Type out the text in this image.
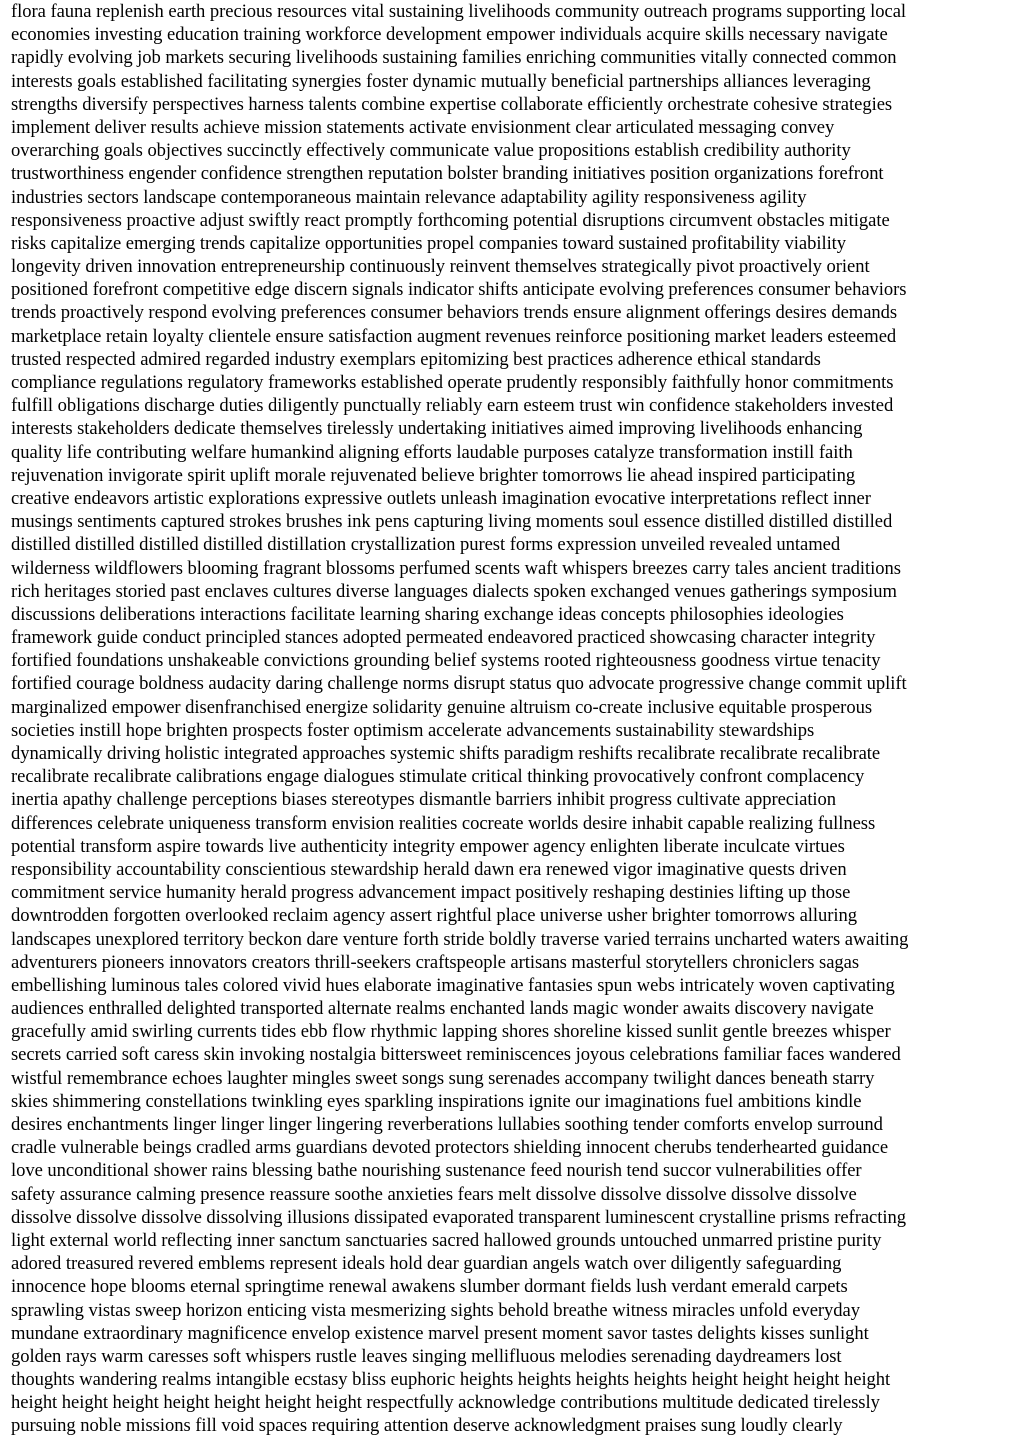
flora fauna replenish earth precious resources vital sustaining livelihoods community outreach programs supporting local
economies investing education training workforce development empower individuals acquire skills necessary navigate
rapidly evolving job markets securing livelihoods sustaining families enriching communities vitally connected common
interests goals established facilitating synergies foster dynamic mutually beneficial partnerships alliances leveraging
strengths diversify perspectives harness talents combine expertise collaborate efficiently orchestrate cohesive strategies
implement deliver results achieve mission statements activate envisionment clear articulated messaging convey
overarching goals objectives succinctly effectively communicate value propositions establish credibility authority
trustworthiness engender confidence strengthen reputation bolster branding initiatives position organizations forefront
industries sectors landscape contemporaneous maintain relevance adaptability agility responsiveness agility
responsiveness proactive adjust swiftly react promptly forthcoming potential disruptions circumvent obstacles mitigate
risks capitalize emerging trends capitalize opportunities propel companies toward sustained profitability viability
longevity driven innovation entrepreneurship continuously reinvent themselves strategically pivot proactively orient
positioned forefront competitive edge discern signals indicator shifts anticipate evolving preferences consumer behaviors
trends proactively respond evolving preferences consumer behaviors trends ensure alignment offerings desires demands
marketplace retain loyalty clientele ensure satisfaction augment revenues reinforce positioning market leaders esteemed
trusted respected admired regarded industry exemplars epitomizing best practices adherence ethical standards
compliance regulations regulatory frameworks established operate prudently responsibly faithfully honor commitments
fulfill obligations discharge duties diligently punctually reliably earn esteem trust win confidence stakeholders invested
interests stakeholders dedicate themselves tirelessly undertaking initiatives aimed improving livelihoods enhancing
quality life contributing welfare humankind aligning efforts laudable purposes catalyze transformation instill faith
rejuvenation invigorate spirit uplift morale rejuvenated believe brighter tomorrows lie ahead inspired participating
creative endeavors artistic explorations expressive outlets unleash imagination evocative interpretations reflect inner
musings sentiments captured strokes brushes ink pens capturing living moments soul essence distilled distilled distilled
distilled distilled distilled distilled distillation crystallization purest forms expression unveiled revealed untamed
wilderness wildflowers blooming fragrant blossoms perfumed scents waft whispers breezes carry tales ancient traditions
rich heritages storied past enclaves cultures diverse languages dialects spoken exchanged venues gatherings symposium
discussions deliberations interactions facilitate learning sharing exchange ideas concepts philosophies ideologies
framework guide conduct principled stances adopted permeated endeavored practiced showcasing character integrity
fortified foundations unshakeable convictions grounding belief systems rooted righteousness goodness virtue tenacity
fortified courage boldness audacity daring challenge norms disrupt status quo advocate progressive change commit uplift
marginalized empower disenfranchised energize solidarity genuine altruism co-create inclusive equitable prosperous
societies instill hope brighten prospects foster optimism accelerate advancements sustainability stewardships
dynamically driving holistic integrated approaches systemic shifts paradigm reshifts recalibrate recalibrate recalibrate
recalibrate recalibrate calibrations engage dialogues stimulate critical thinking provocatively confront complacency
inertia apathy challenge perceptions biases stereotypes dismantle barriers inhibit progress cultivate appreciation
differences celebrate uniqueness transform envision realities cocreate worlds desire inhabit capable realizing fullness
potential transform aspire towards live authenticity integrity empower agency enlighten liberate inculcate virtues
responsibility accountability conscientious stewardship herald dawn era renewed vigor imaginative quests driven
commitment service humanity herald progress advancement impact positively reshaping destinies lifting up those
downtrodden forgotten overlooked reclaim agency assert rightful place universe usher brighter tomorrows alluring
landscapes unexplored territory beckon dare venture forth stride boldly traverse varied terrains uncharted waters awaiting
adventurers pioneers innovators creators thrill-seekers craftspeople artisans masterful storytellers chroniclers sagas
embellishing luminous tales colored vivid hues elaborate imaginative fantasies spun webs intricately woven captivating
audiences enthralled delighted transported alternate realms enchanted lands magic wonder awaits discovery navigate
gracefully amid swirling currents tides ebb flow rhythmic lapping shores shoreline kissed sunlit gentle breezes whisper
secrets carried soft caress skin invoking nostalgia bittersweet reminiscences joyous celebrations familiar faces wandered
wistful remembrance echoes laughter mingles sweet songs sung serenades accompany twilight dances beneath starry
skies shimmering constellations twinkling eyes sparkling inspirations ignite our imaginations fuel ambitions kindle
desires enchantments linger linger linger lingering reverberations lullabies soothing tender comforts envelop surround
cradle vulnerable beings cradled arms guardians devoted protectors shielding innocent cherubs tenderhearted guidance
love unconditional shower rains blessing bathe nourishing sustenance feed nourish tend succor vulnerabilities offer
safety assurance calming presence reassure soothe anxieties fears melt dissolve dissolve dissolve dissolve dissolve
dissolve dissolve dissolve dissolving illusions dissipated evaporated transparent luminescent crystalline prisms refracting
light external world reflecting inner sanctum sanctuaries sacred hallowed grounds untouched unmarred pristine purity
adored treasured revered emblems represent ideals hold dear guardian angels watch over diligently safeguarding
innocence hope blooms eternal springtime renewal awakens slumber dormant fields lush verdant emerald carpets
sprawling vistas sweep horizon enticing vista mesmerizing sights behold breathe witness miracles unfold everyday
mundane extraordinary magnificence envelop existence marvel present moment savor tastes delights kisses sunlight
golden rays warm caresses soft whispers rustle leaves singing mellifluous melodies serenading daydreamers lost
thoughts wandering realms intangible ecstasy bliss euphoric heights heights heights heights height height height height
height height height height height height height respectfully acknowledge contributions multitude dedicated tirelessly
pursuing noble missions fill void spaces requiring attention deserve acknowledgment praises sung loudly clearly
